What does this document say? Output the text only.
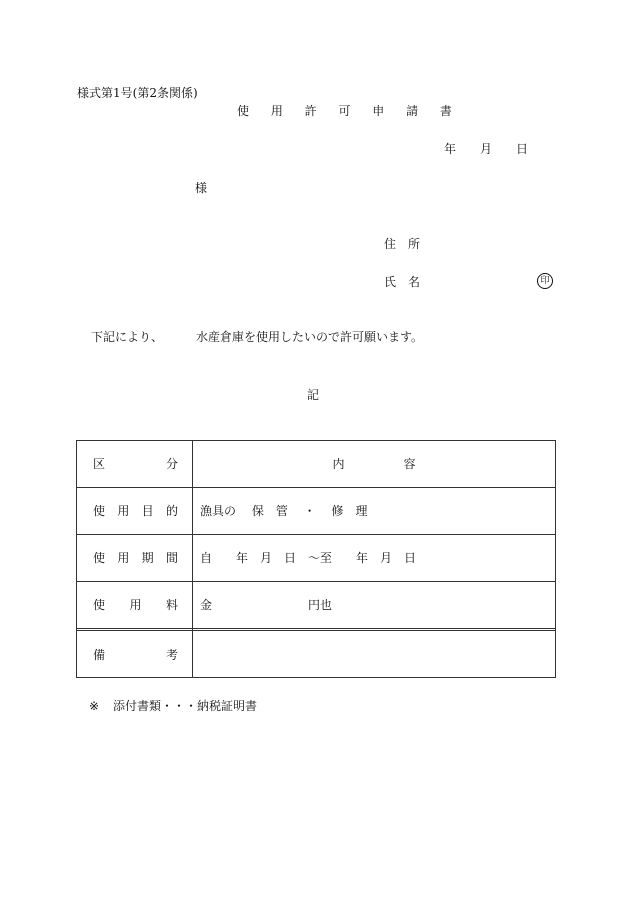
様式第1号(第2条関係)
使 用 許 可 申 請 書
年　　月　　日
様
住　所
氏　名	印
下記により、	水産倉庫を使用したいので許可願います。
記
区 分	内 容

使 用 目 的	漁具の　 保　管　 ・　 修　理

使 用 期 間	自　　年　月　日　～至　　年　月　日

使 用 料	金　　　　　　　　円也

備 考	

※ 添付書類・・・納税証明書
